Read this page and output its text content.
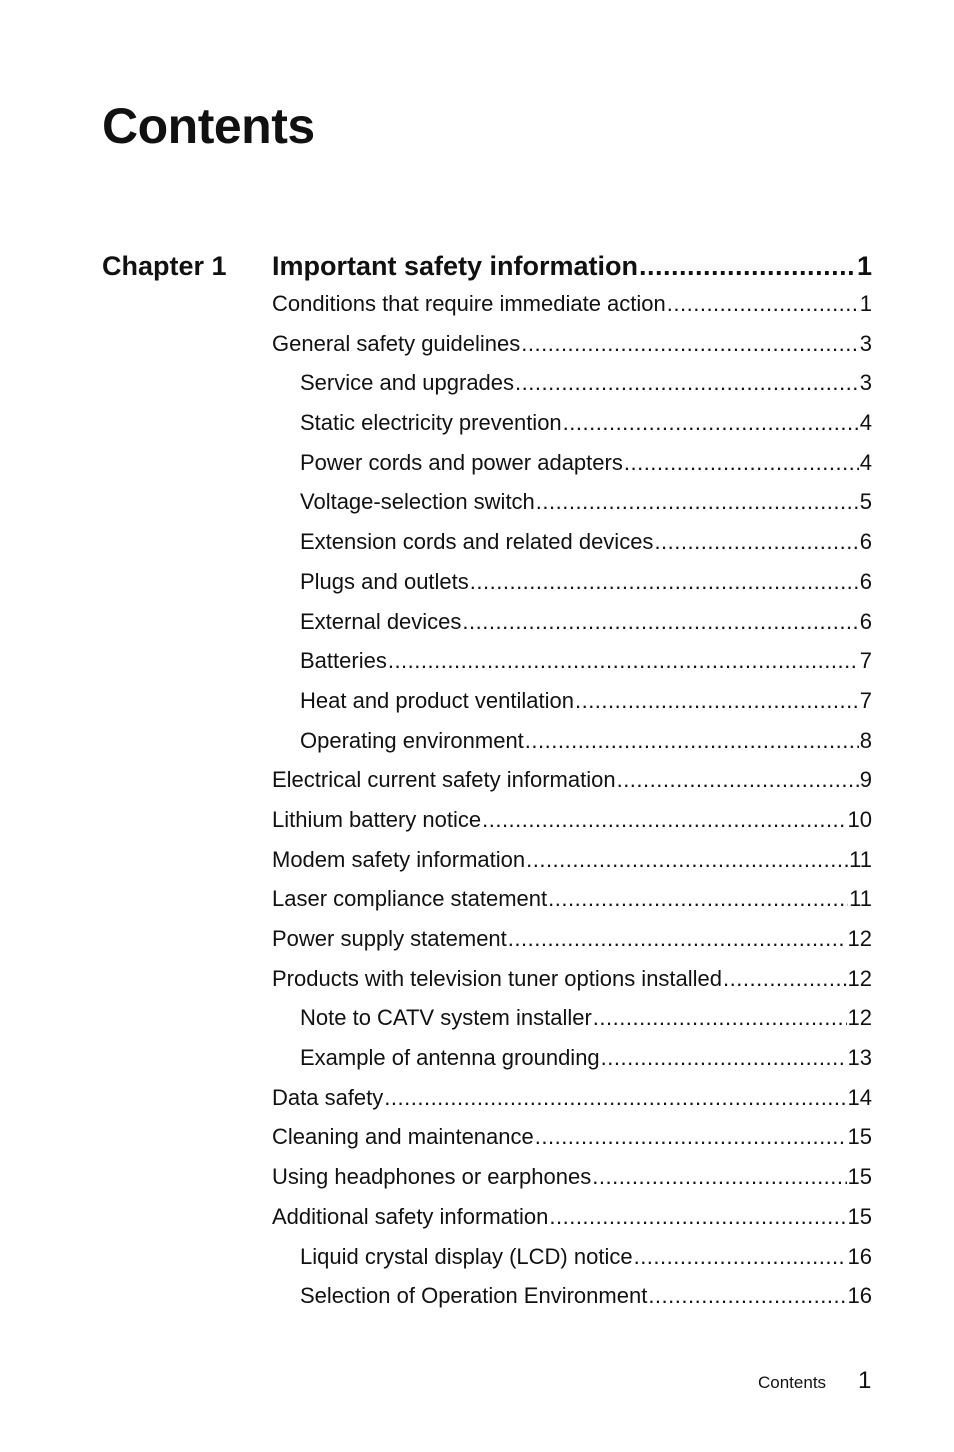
Contents
Chapter 1 Important safety information .....	1
Conditions that require immediate action .....	1
General safety guidelines .....	3
Service and upgrades .....	3
Static electricity prevention .....	4
Power cords and power adapters .....	4
Voltage-selection switch .....	5
Extension cords and related devices .....	6
Plugs and outlets .....	6
External devices .....	6
Batteries .....	7
Heat and product ventilation .....	7
Operating environment .....	8
Electrical current safety information .....	9
Lithium battery notice .....	10
Modem safety information .....	11
Laser compliance statement .....	11
Power supply statement .....	12
Products with television tuner options installed .....	12
Note to CATV system installer .....	12
Example of antenna grounding .....	13
Data safety .....	14
Cleaning and maintenance .....	15
Using headphones or earphones .....	15
Additional safety information .....	15
Liquid crystal display (LCD) notice .....	16
Selection of Operation Environment .....	16
Contents 1
